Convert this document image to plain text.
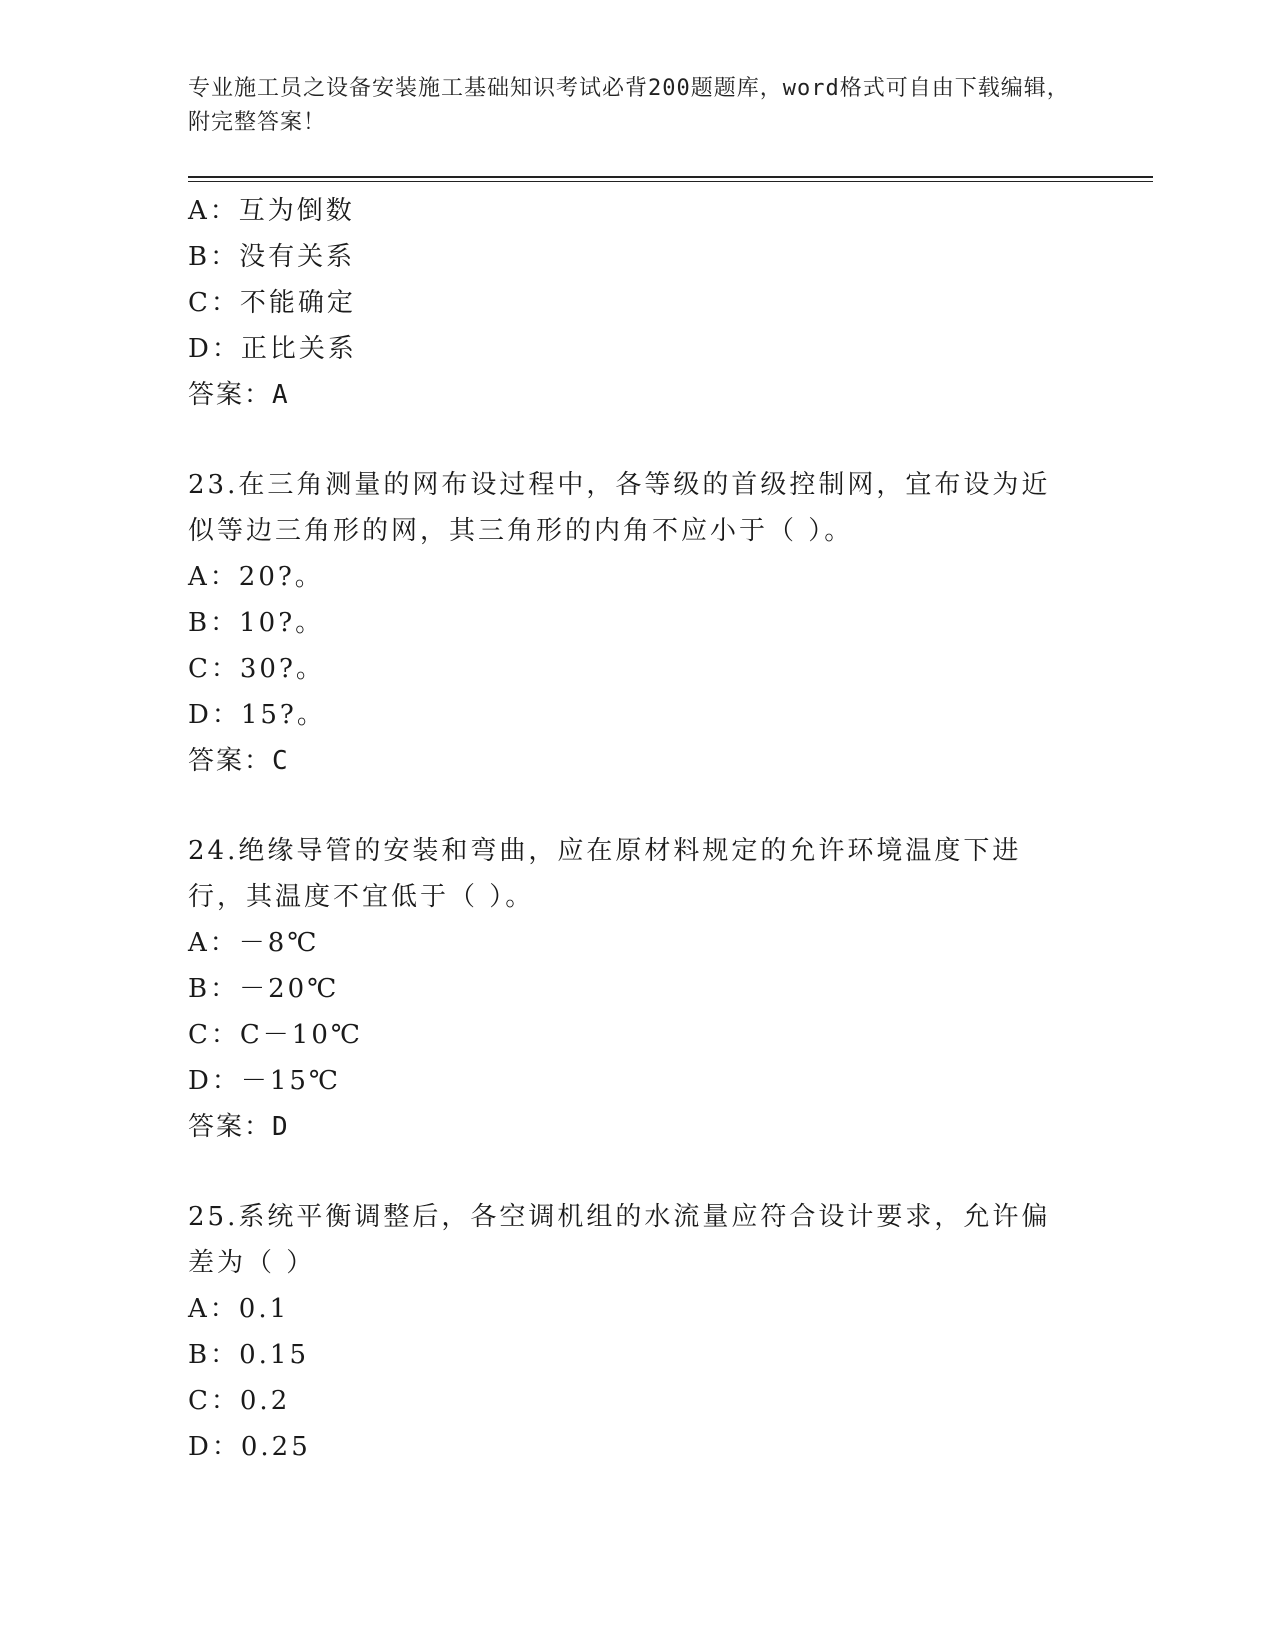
专业施工员之设备安装施工基础知识考试必背200题题库，word格式可自由下载编辑，附完整答案！
A：互为倒数
B：没有关系
C：不能确定
D：正比关系
答案：A
23.在三角测量的网布设过程中，各等级的首级控制网，宜布设为近似等边三角形的网，其三角形的内角不应小于（ ）。
A：20?。
B：10?。
C：30?。
D：15?。
答案：C
24.绝缘导管的安装和弯曲，应在原材料规定的允许环境温度下进行，其温度不宜低于（ ）。
A：－8℃
B：－20℃
C：C－10℃
D：－15℃
答案：D
25.系统平衡调整后，各空调机组的水流量应符合设计要求，允许偏差为（ ）
A：0.1
B：0.15
C：0.2
D：0.25
